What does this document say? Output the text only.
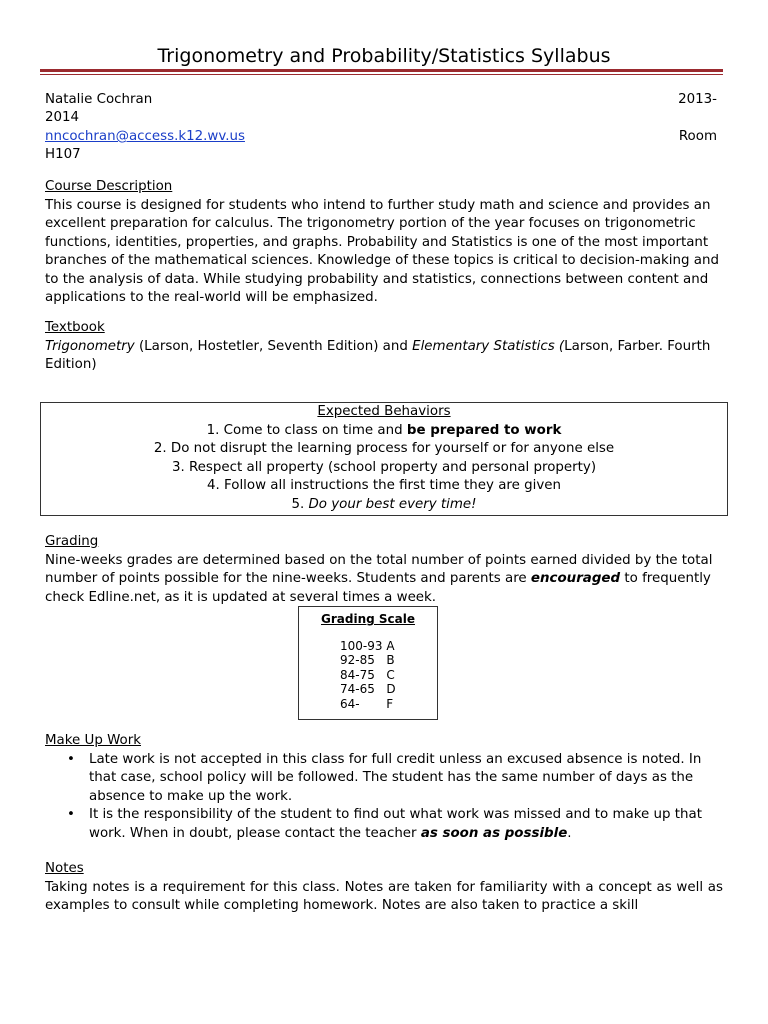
Trigonometry and Probability/Statistics Syllabus
Natalie Cochran	2013-
2014
nncochran@access.k12.wv.us	Room
H107
Course Description
This course is designed for students who intend to further study math and science and provides an excellent preparation for calculus. The trigonometry portion of the year focuses on trigonometric functions, identities, properties, and graphs. Probability and Statistics is one of the most important branches of the mathematical sciences. Knowledge of these topics is critical to decision-making and to the analysis of data. While studying probability and statistics, connections between content and applications to the real-world will be emphasized.
Textbook
Trigonometry (Larson, Hostetler, Seventh Edition) and Elementary Statistics (Larson, Farber. Fourth Edition)
Expected Behaviors
1. Come to class on time and be prepared to work
2. Do not disrupt the learning process for yourself or for anyone else
3. Respect all property (school property and personal property)
4. Follow all instructions the first time they are given
5. Do your best every time!
Grading
Nine-weeks grades are determined based on the total number of points earned divided by the total number of points possible for the nine-weeks. Students and parents are encouraged to frequently check Edline.net, as it is updated at several times a week.
Grading Scale
100-93 A
92-85   B
84-75   C
74-65   D
64-       F
Make Up Work
• Late work is not accepted in this class for full credit unless an excused absence is noted. In that case, school policy will be followed. The student has the same number of days as the absence to make up the work.
• It is the responsibility of the student to find out what work was missed and to make up that work. When in doubt, please contact the teacher as soon as possible.
Notes
Taking notes is a requirement for this class. Notes are taken for familiarity with a concept as well as examples to consult while completing homework. Notes are also taken to practice a skill
